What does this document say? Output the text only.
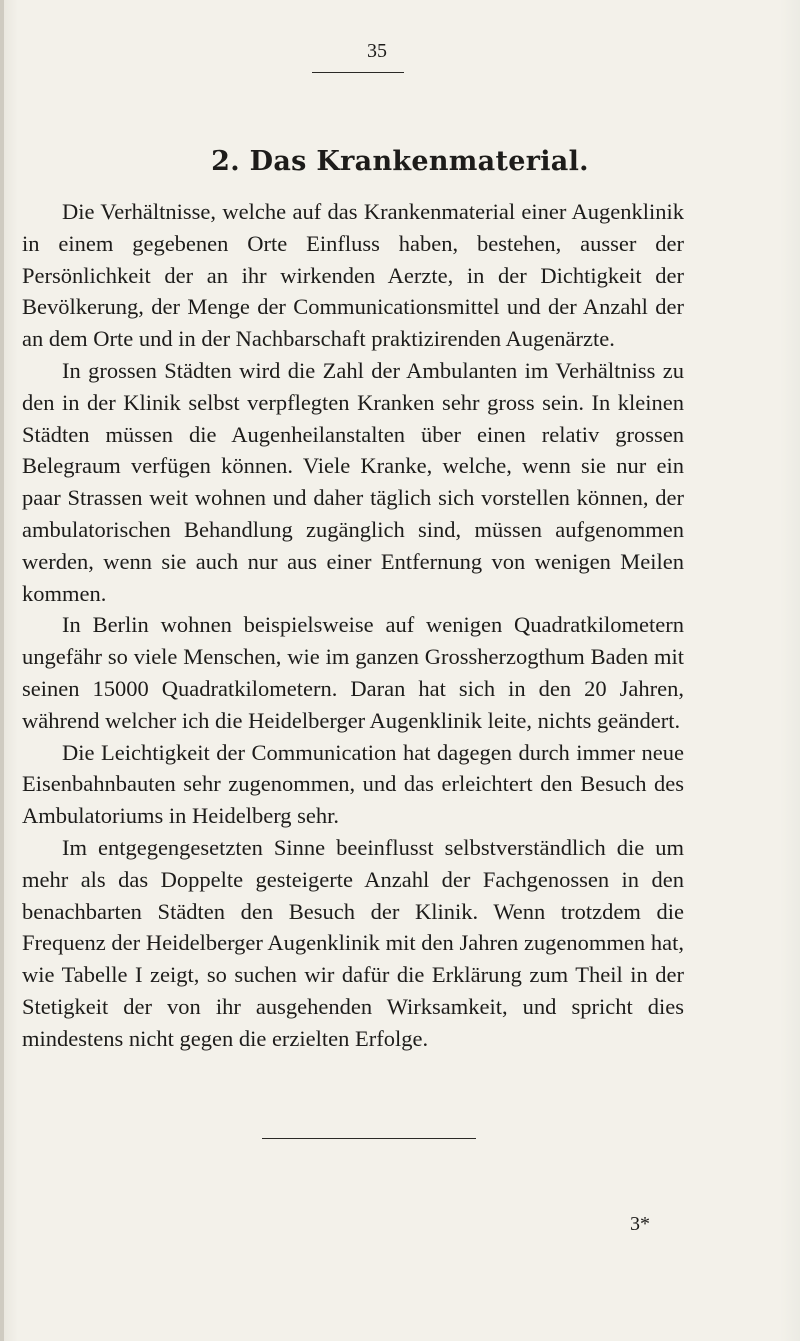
35
2. Das Krankenmaterial.

Die Verhältnisse, welche auf das Krankenmaterial einer Augenklinik in einem gegebenen Orte Einfluss haben, bestehen, ausser der Persönlichkeit der an ihr wirkenden Aerzte, in der Dichtigkeit der Bevölkerung, der Menge der Communicationsmittel und der Anzahl der an dem Orte und in der Nachbarschaft praktizirenden Augenärzte.

In grossen Städten wird die Zahl der Ambulanten im Verhältniss zu den in der Klinik selbst verpflegten Kranken sehr gross sein. In kleinen Städten müssen die Augenheilanstalten über einen relativ grossen Belegraum verfügen können. Viele Kranke, welche, wenn sie nur ein paar Strassen weit wohnen und daher täglich sich vorstellen können, der ambulatorischen Behandlung zugänglich sind, müssen aufgenommen werden, wenn sie auch nur aus einer Entfernung von wenigen Meilen kommen.

In Berlin wohnen beispielsweise auf wenigen Quadratkilometern ungefähr so viele Menschen, wie im ganzen Grossherzogthum Baden mit seinen 15000 Quadratkilometern. Daran hat sich in den 20 Jahren, während welcher ich die Heidelberger Augenklinik leite, nichts geändert.

Die Leichtigkeit der Communication hat dagegen durch immer neue Eisenbahnbauten sehr zugenommen, und das erleichtert den Besuch des Ambulatoriums in Heidelberg sehr.

Im entgegengesetzten Sinne beeinflusst selbstverständlich die um mehr als das Doppelte gesteigerte Anzahl der Fachgenossen in den benachbarten Städten den Besuch der Klinik. Wenn trotzdem die Frequenz der Heidelberger Augenklinik mit den Jahren zugenommen hat, wie Tabelle I zeigt, so suchen wir dafür die Erklärung zum Theil in der Stetigkeit der von ihr ausgehenden Wirksamkeit, und spricht dies mindestens nicht gegen die erzielten Erfolge.

3*
